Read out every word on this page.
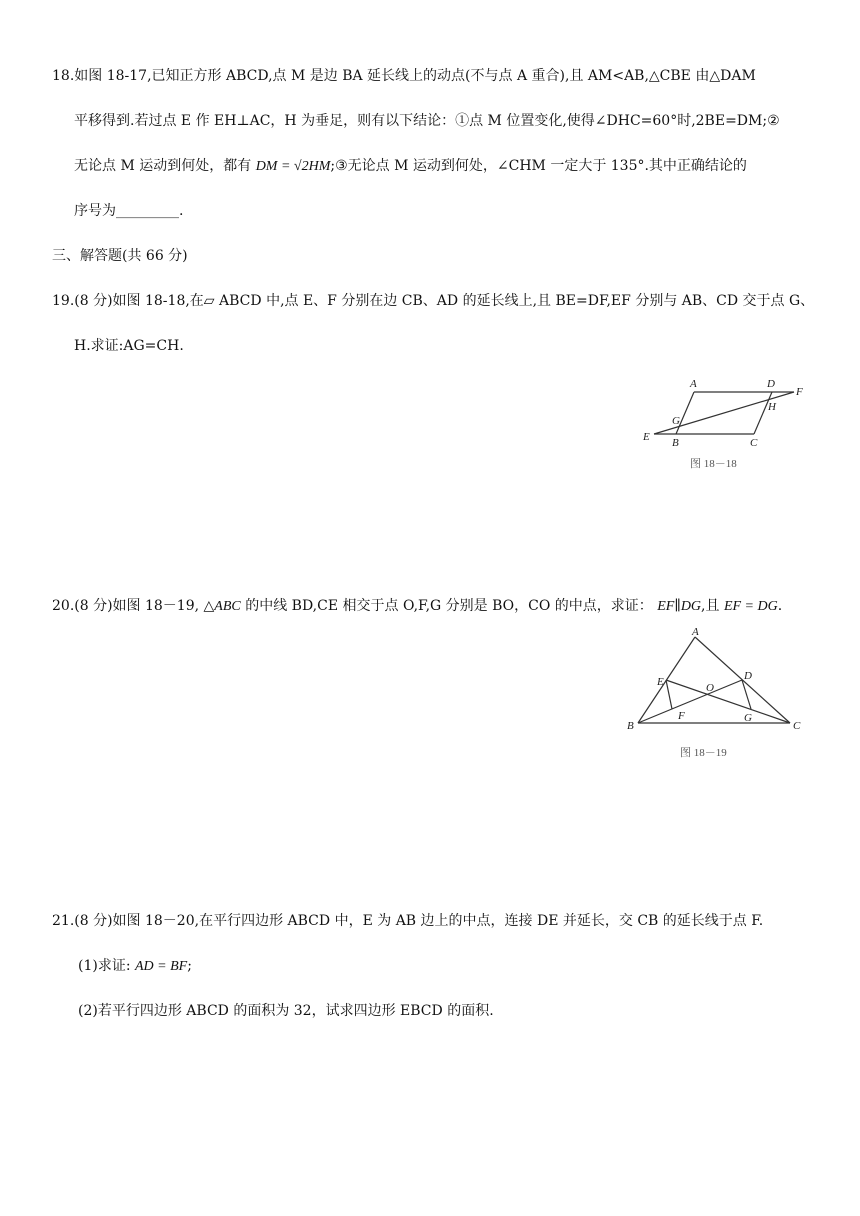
18.如图 18-17,已知正方形 ABCD,点 M 是边 BA 延长线上的动点(不与点 A 重合),且 AM<AB,△CBE 由△DAM
平移得到.若过点 E 作 EH⊥AC，H 为垂足，则有以下结论：①点 M 位置变化,使得∠DHC=60°时,2BE=DM;②
无论点 M 运动到何处，都有 DM = √2HM;③无论点 M 运动到何处，∠CHM 一定大于 135°.其中正确结论的
序号为_________.
三、解答题(共 66 分)
19.(8 分)如图 18-18,在▱ ABCD 中,点 E、F 分别在边 CB、AD 的延长线上,且 BE=DF,EF 分别与 AB、CD 交于点 G、
H.求证:AG=CH.
A	D
F
H
G
E B	C
图 18－18
20.(8 分)如图 18－19, △ABC 的中线 BD,CE 相交于点 O,F,G 分别是 BO，CO 的中点，求证： EF∥DG,且 EF = DG.
A
E	D
O
F	G
B	C
图 18－19
21.(8 分)如图 18－20,在平行四边形 ABCD 中，E 为 AB 边上的中点，连接 DE 并延长，交 CB 的延长线于点 F.
(1)求证: AD = BF;
(2)若平行四边形 ABCD 的面积为 32，试求四边形 EBCD 的面积.
